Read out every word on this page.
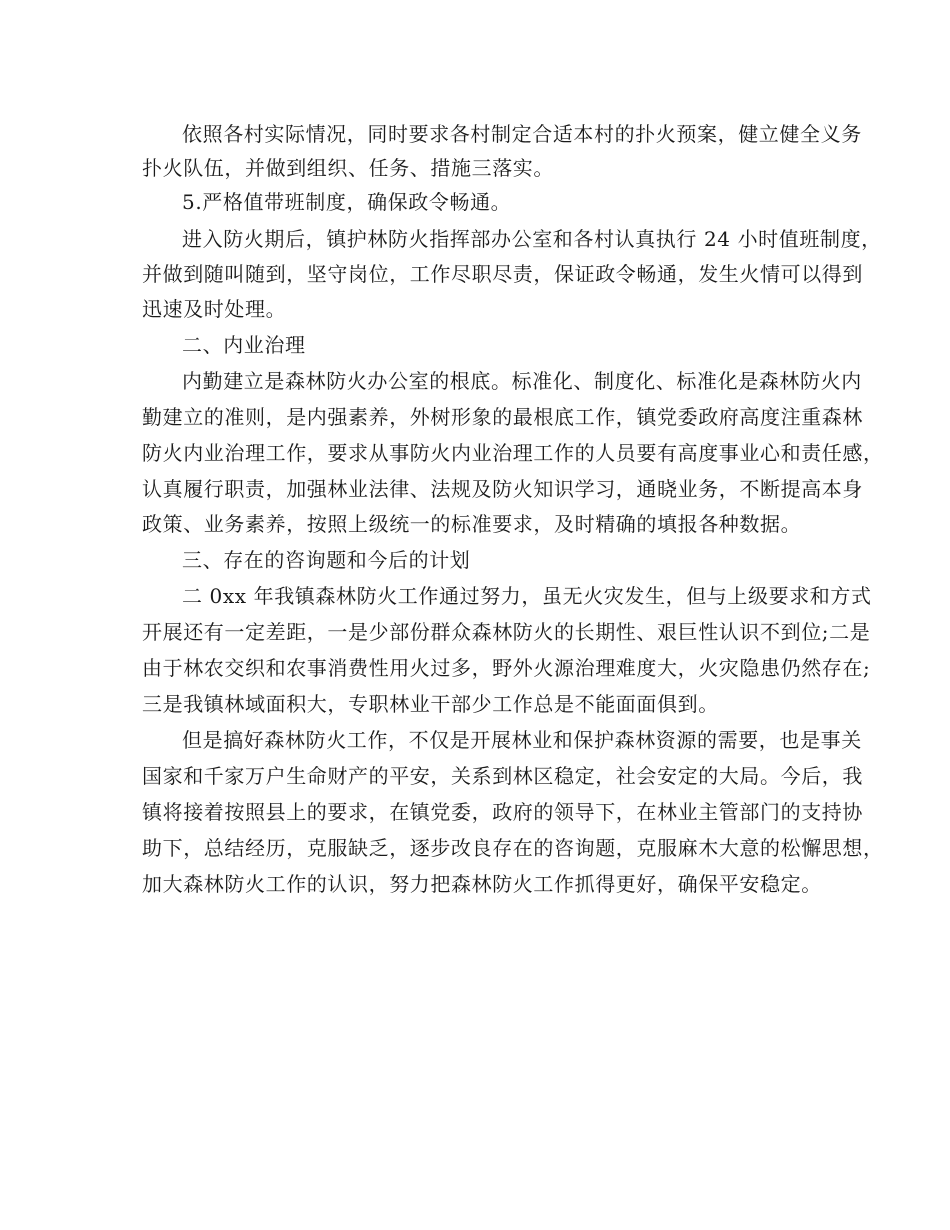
依照各村实际情况，同时要求各村制定合适本村的扑火预案，健立健全义务
扑火队伍，并做到组织、任务、措施三落实。
5.严格值带班制度，确保政令畅通。
进入防火期后，镇护林防火指挥部办公室和各村认真执行 24 小时值班制度，
并做到随叫随到，坚守岗位，工作尽职尽责，保证政令畅通，发生火情可以得到
迅速及时处理。
二、内业治理
内勤建立是森林防火办公室的根底。标准化、制度化、标准化是森林防火内
勤建立的准则，是内强素养，外树形象的最根底工作，镇党委政府高度注重森林
防火内业治理工作，要求从事防火内业治理工作的人员要有高度事业心和责任感，
认真履行职责，加强林业法律、法规及防火知识学习，通晓业务，不断提高本身
政策、业务素养，按照上级统一的标准要求，及时精确的填报各种数据。
三、存在的咨询题和今后的计划
二 0xx 年我镇森林防火工作通过努力，虽无火灾发生，但与上级要求和方式
开展还有一定差距，一是少部份群众森林防火的长期性、艰巨性认识不到位;二是
由于林农交织和农事消费性用火过多，野外火源治理难度大，火灾隐患仍然存在;
三是我镇林域面积大，专职林业干部少工作总是不能面面俱到。
但是搞好森林防火工作，不仅是开展林业和保护森林资源的需要，也是事关
国家和千家万户生命财产的平安，关系到林区稳定，社会安定的大局。今后，我
镇将接着按照县上的要求，在镇党委，政府的领导下，在林业主管部门的支持协
助下，总结经历，克服缺乏，逐步改良存在的咨询题，克服麻木大意的松懈思想，
加大森林防火工作的认识，努力把森林防火工作抓得更好，确保平安稳定。
